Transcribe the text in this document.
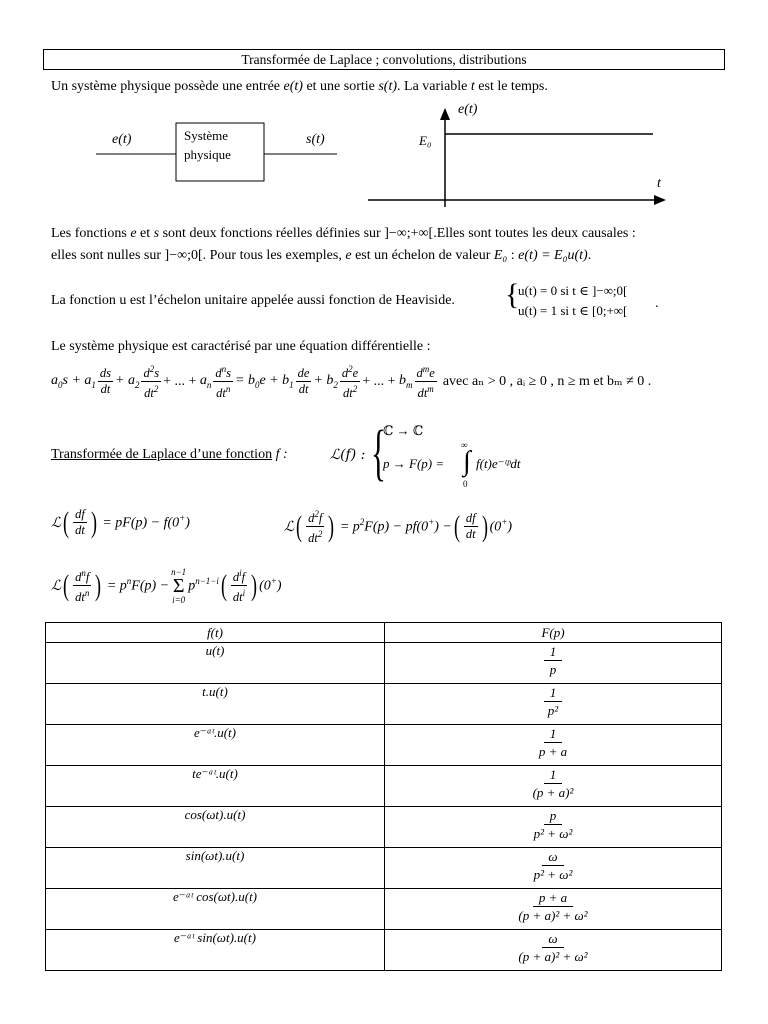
Transformée de Laplace ; convolutions, distributions
Un système physique possède une entrée e(t) et une sortie s(t). La variable t est le temps.
e(t)	s(t)
Système
physique
e(t)
E₀
t
Les fonctions e et s sont deux fonctions réelles définies sur ]−∞;+∞[.Elles sont toutes les deux causales :
elles sont nulles sur ]−∞;0[. Pour tous les exemples, e est un échelon de valeur E₀ : e(t) = E₀u(t).
La fonction u est l’échelon unitaire appelée aussi fonction de Heaviside. {
u(t) = 0 si t ∈ ]−∞;0[
u(t) = 1 si t ∈ [0;+∞[ .
Le système physique est caractérisé par une équation différentielle :
$a_0s + a_1 \frac{ds}{dt} + a_2 \frac{d^2s}{dt^2}$ + ... + $a_n \frac{d^ns}{dt^n} = b_0e + b_1 \frac{de}{dt} + b_2 \frac{d^2e}{dt^2}$ + ... + $b_m \frac{d^me}{dt^m}$ avec aₙ > 0 , aᵢ ≥ 0 , n ≥ m et bₘ ≠ 0 .
Transformée de Laplace d’une fonction f :	ℒ(f) : {
ℂ → ℂ
p → F(p) = ∫
∞
0
f(t)e⁻ᵗᵖdt
ℒ ( $\frac{df}{dt}$ ) = pF(p) − f(0+)	ℒ ( $\frac{d^2f}{dt^2}$ ) = $p^2F(p) - pf(0^+)$ − ( $\frac{df}{dt}$ ) (0+)
ℒ ( $\frac{d^nf}{dt^n}$ ) = $p^nF(p)$ −
n−1
Σ
i=0
$p^{n-1-i}$ ( $\frac{d^if}{dt^i}$ ) (0+)
f(t)	F(p)
u(t)	$\frac{1}{p}$

t.u(t)	$\frac{1}{\text{p²}}$

e⁻ᵃᵗ.u(t)	$\frac{1}{p + a}$

te⁻ᵃᵗ.u(t)	$\frac{1}{\text{(p + a)²}}$

cos(ωt).u(t)	$\frac{p}{\text{p² + ω²}}$

sin(ωt).u(t)	$\frac{\omega}{\text{p² + ω²}}$

e⁻ᵃᵗ cos(ωt).u(t)	$\frac{p + a}{\text{(p + a)² + ω²}}$

e⁻ᵃᵗ sin(ωt).u(t)	$\frac{\omega}{\text{(p + a)² + ω²}}$
